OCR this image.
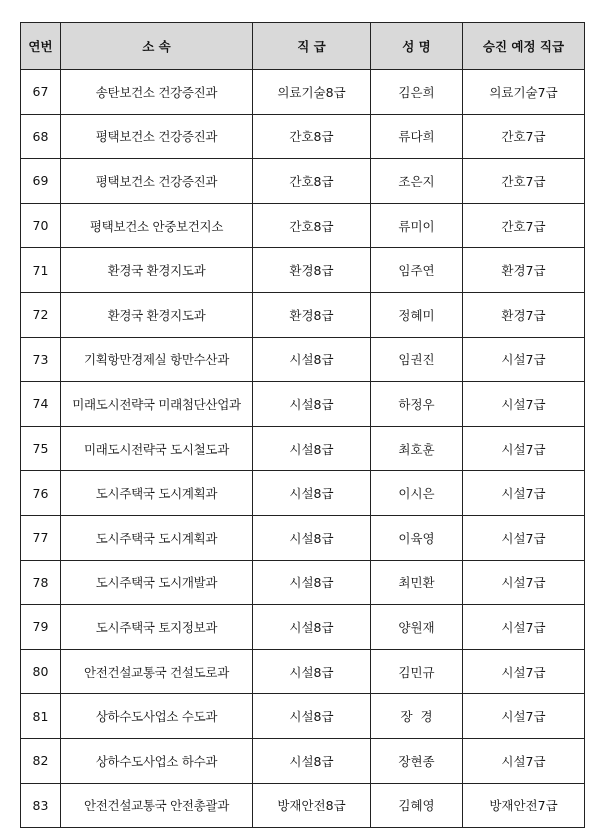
연번	소 속	직 급	성 명	승진 예정 직급
67	송탄보건소 건강증진과	의료기술8급	김은희	의료기술7급
68	평택보건소 건강증진과	간호8급	류다희	간호7급
69	평택보건소 건강증진과	간호8급	조은지	간호7급
70	평택보건소 안중보건지소	간호8급	류미이	간호7급
71	환경국 환경지도과	환경8급	임주연	환경7급
72	환경국 환경지도과	환경8급	정혜미	환경7급
73	기획항만경제실 항만수산과	시설8급	임권진	시설7급
74	미래도시전략국 미래첨단산업과	시설8급	하정우	시설7급
75	미래도시전략국 도시철도과	시설8급	최호훈	시설7급
76	도시주택국 도시계획과	시설8급	이시은	시설7급
77	도시주택국 도시계획과	시설8급	이육영	시설7급
78	도시주택국 도시개발과	시설8급	최민환	시설7급
79	도시주택국 토지정보과	시설8급	양원재	시설7급
80	안전건설교통국 건설도로과	시설8급	김민규	시설7급
81	상하수도사업소 수도과	시설8급	장  경	시설7급
82	상하수도사업소 하수과	시설8급	장현종	시설7급
83	안전건설교통국 안전총괄과	방재안전8급	김혜영	방재안전7급
